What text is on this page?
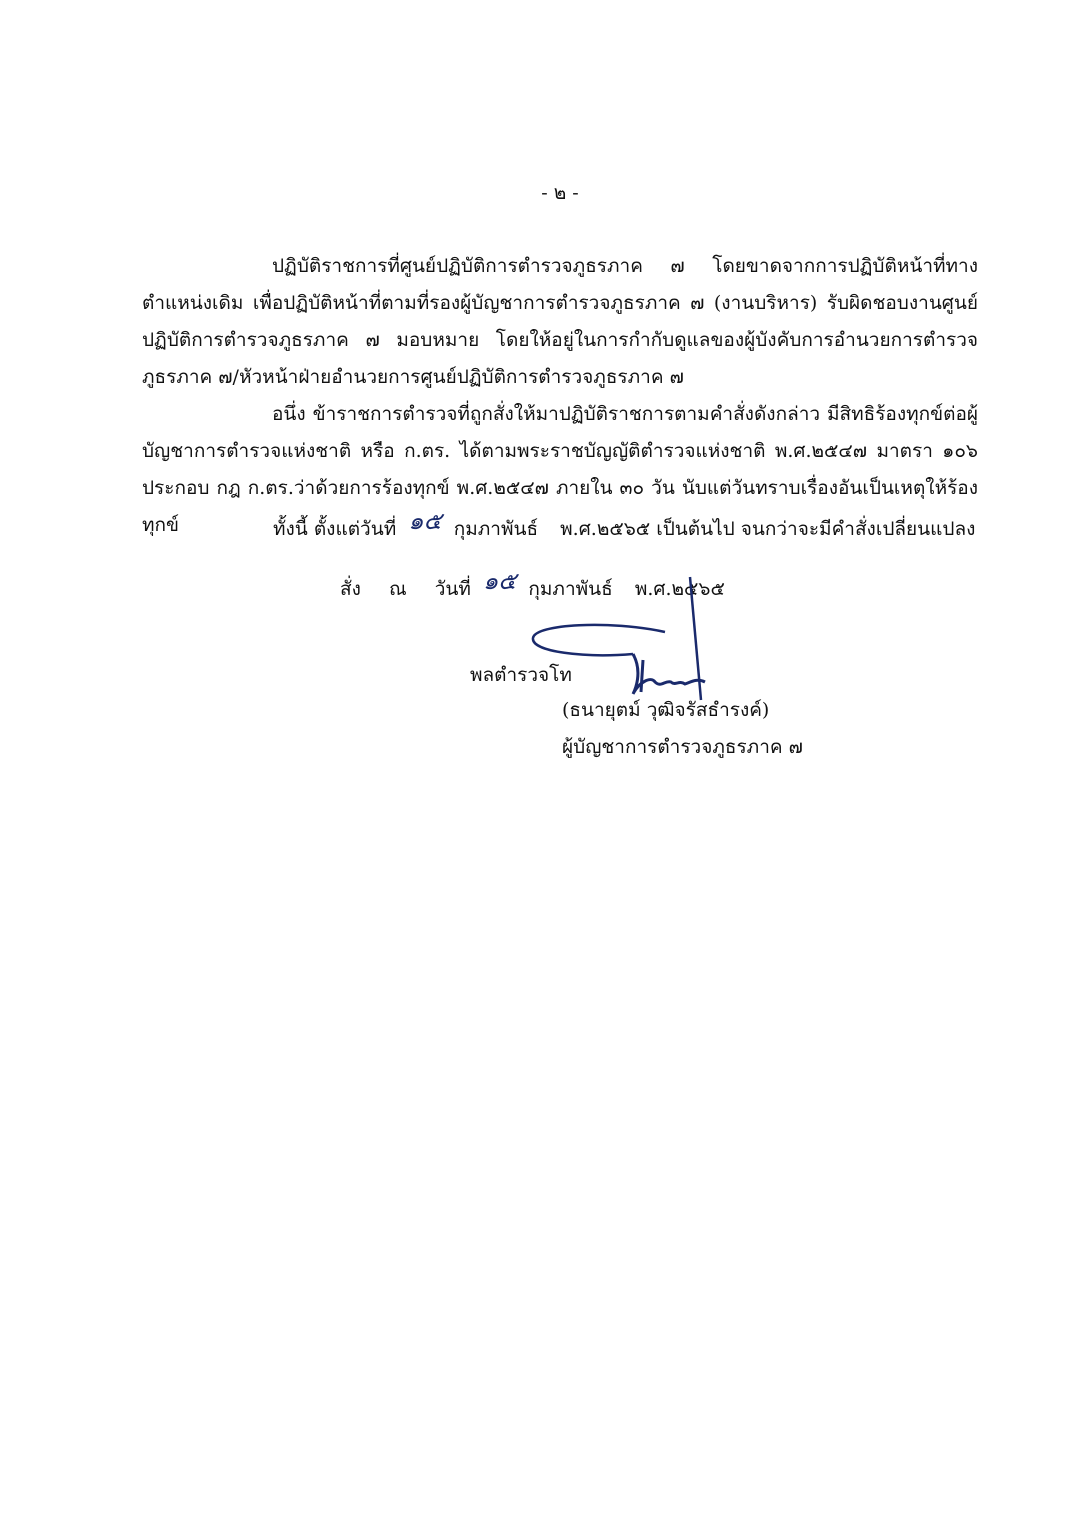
- ๒ -

ปฏิบัติราชการที่ศูนย์ปฏิบัติการตำรวจภูธรภาค ๗ โดยขาดจากการปฏิบัติหน้าที่ทางตำแหน่งเดิม เพื่อปฏิบัติหน้าที่ตามที่รองผู้บัญชาการตำรวจภูธรภาค ๗ (งานบริหาร) รับผิดชอบงานศูนย์ปฏิบัติการตำรวจภูธรภาค ๗ มอบหมาย โดยให้อยู่ในการกำกับดูแลของผู้บังคับการอำนวยการตำรวจภูธรภาค ๗/หัวหน้าฝ่ายอำนวยการศูนย์ปฏิบัติการตำรวจภูธรภาค ๗

อนึ่ง ข้าราชการตำรวจที่ถูกสั่งให้มาปฏิบัติราชการตามคำสั่งดังกล่าว มีสิทธิร้องทุกข์ต่อผู้บัญชาการตำรวจแห่งชาติ หรือ ก.ตร. ได้ตามพระราชบัญญัติตำรวจแห่งชาติ พ.ศ.๒๕๔๗ มาตรา ๑๐๖ ประกอบ กฎ ก.ตร.ว่าด้วยการร้องทุกข์ พ.ศ.๒๕๔๗ ภายใน ๓๐ วัน นับแต่วันทราบเรื่องอันเป็นเหตุให้ร้องทุกข์	ทั้งนี้ ตั้งแต่วันที่ ๑๕ กุมภาพันธ์ พ.ศ.๒๕๖๕ เป็นต้นไป จนกว่าจะมีคำสั่งเปลี่ยนแปลง
สั่ง ณ วันที่ ๑๕ กุมภาพันธ์ พ.ศ.๒๕๖๕
พลตำรวจโท
(ธนายุตม์ วุฒิจรัสธำรงค์)
ผู้บัญชาการตำรวจภูธรภาค ๗
